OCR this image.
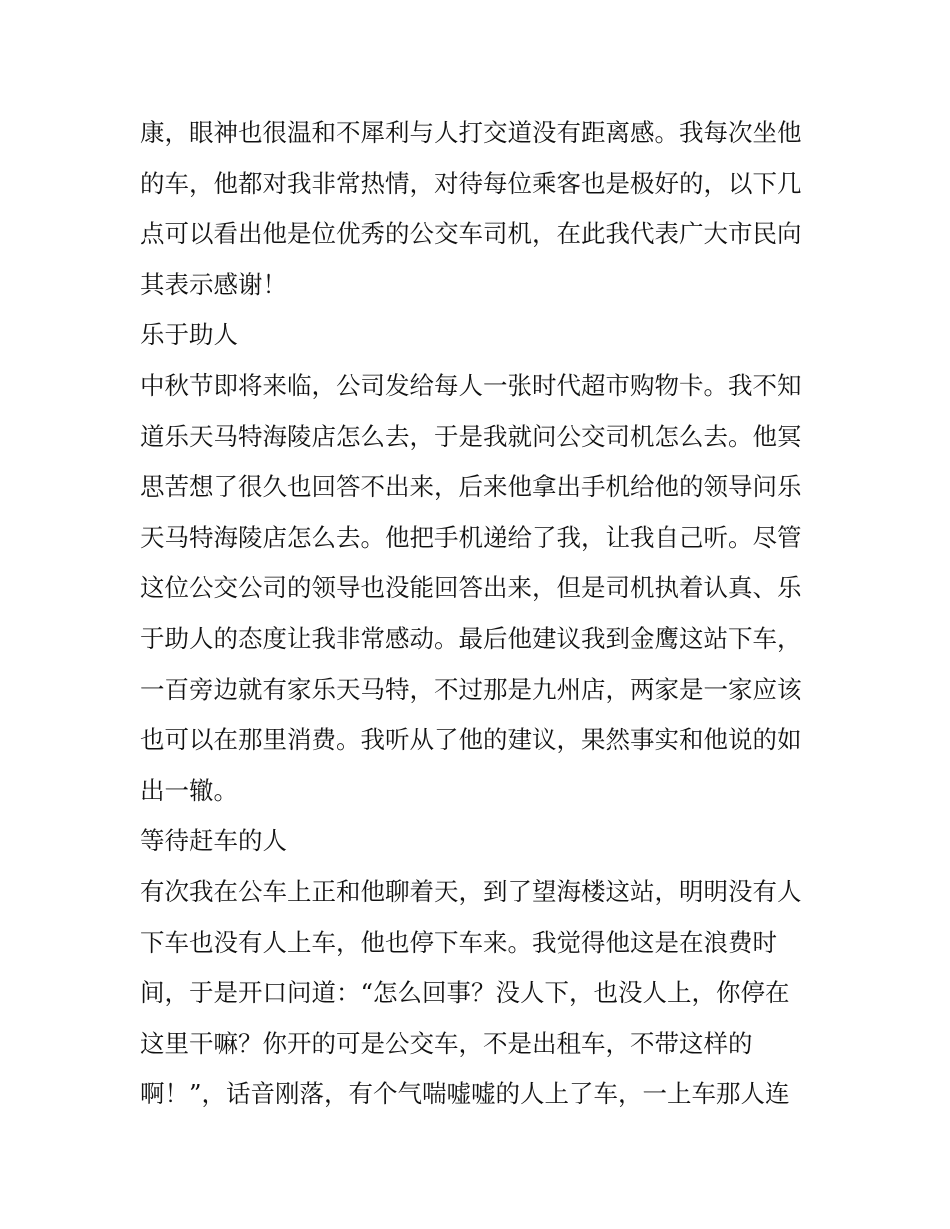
康，眼神也很温和不犀利与人打交道没有距离感。我每次坐他

的车，他都对我非常热情，对待每位乘客也是极好的，以下几

点可以看出他是位优秀的公交车司机，在此我代表广大市民向

其表示感谢！

乐于助人

中秋节即将来临，公司发给每人一张时代超市购物卡。我不知

道乐天马特海陵店怎么去，于是我就问公交司机怎么去。他冥

思苦想了很久也回答不出来，后来他拿出手机给他的领导问乐

天马特海陵店怎么去。他把手机递给了我，让我自己听。尽管

这位公交公司的领导也没能回答出来，但是司机执着认真、乐

于助人的态度让我非常感动。最后他建议我到金鹰这站下车，

一百旁边就有家乐天马特，不过那是九州店，两家是一家应该

也可以在那里消费。我听从了他的建议，果然事实和他说的如

出一辙。

等待赶车的人

有次我在公车上正和他聊着天，到了望海楼这站，明明没有人

下车也没有人上车，他也停下车来。我觉得他这是在浪费时

间，于是开口问道：“怎么回事？没人下，也没人上，你停在

这里干嘛？你开的可是公交车，不是出租车，不带这样的

啊！”，话音刚落，有个气喘嘘嘘的人上了车，一上车那人连
